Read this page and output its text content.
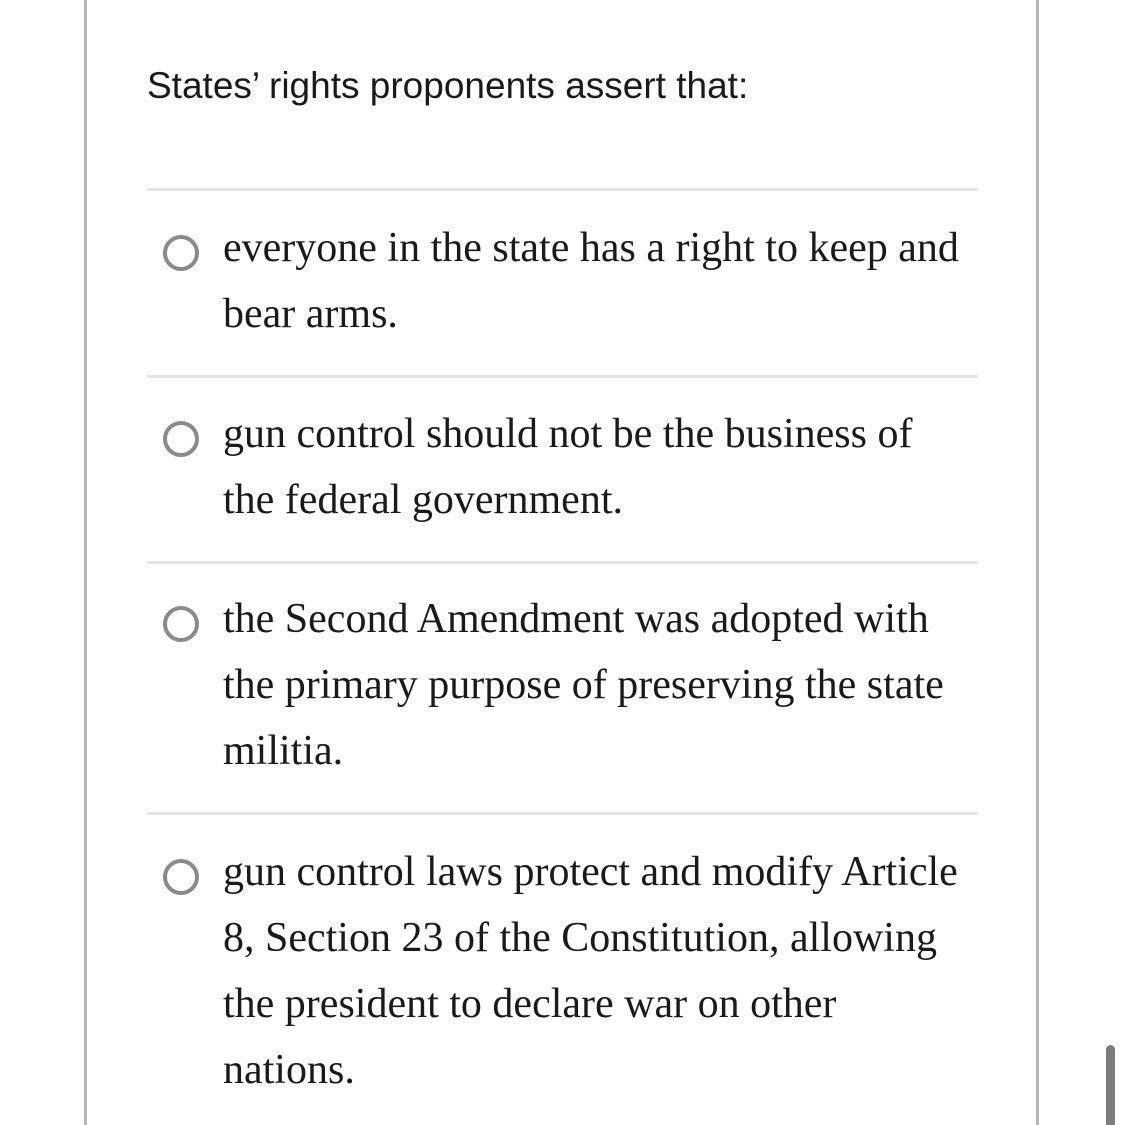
States’ rights proponents assert that:

everyone in the state has a right to keep and bear arms.

gun control should not be the business of the federal government.

the Second Amendment was adopted with the primary purpose of preserving the state militia.

gun control laws protect and modify Article 8, Section 23 of the Constitution, allowing the president to declare war on other nations.
